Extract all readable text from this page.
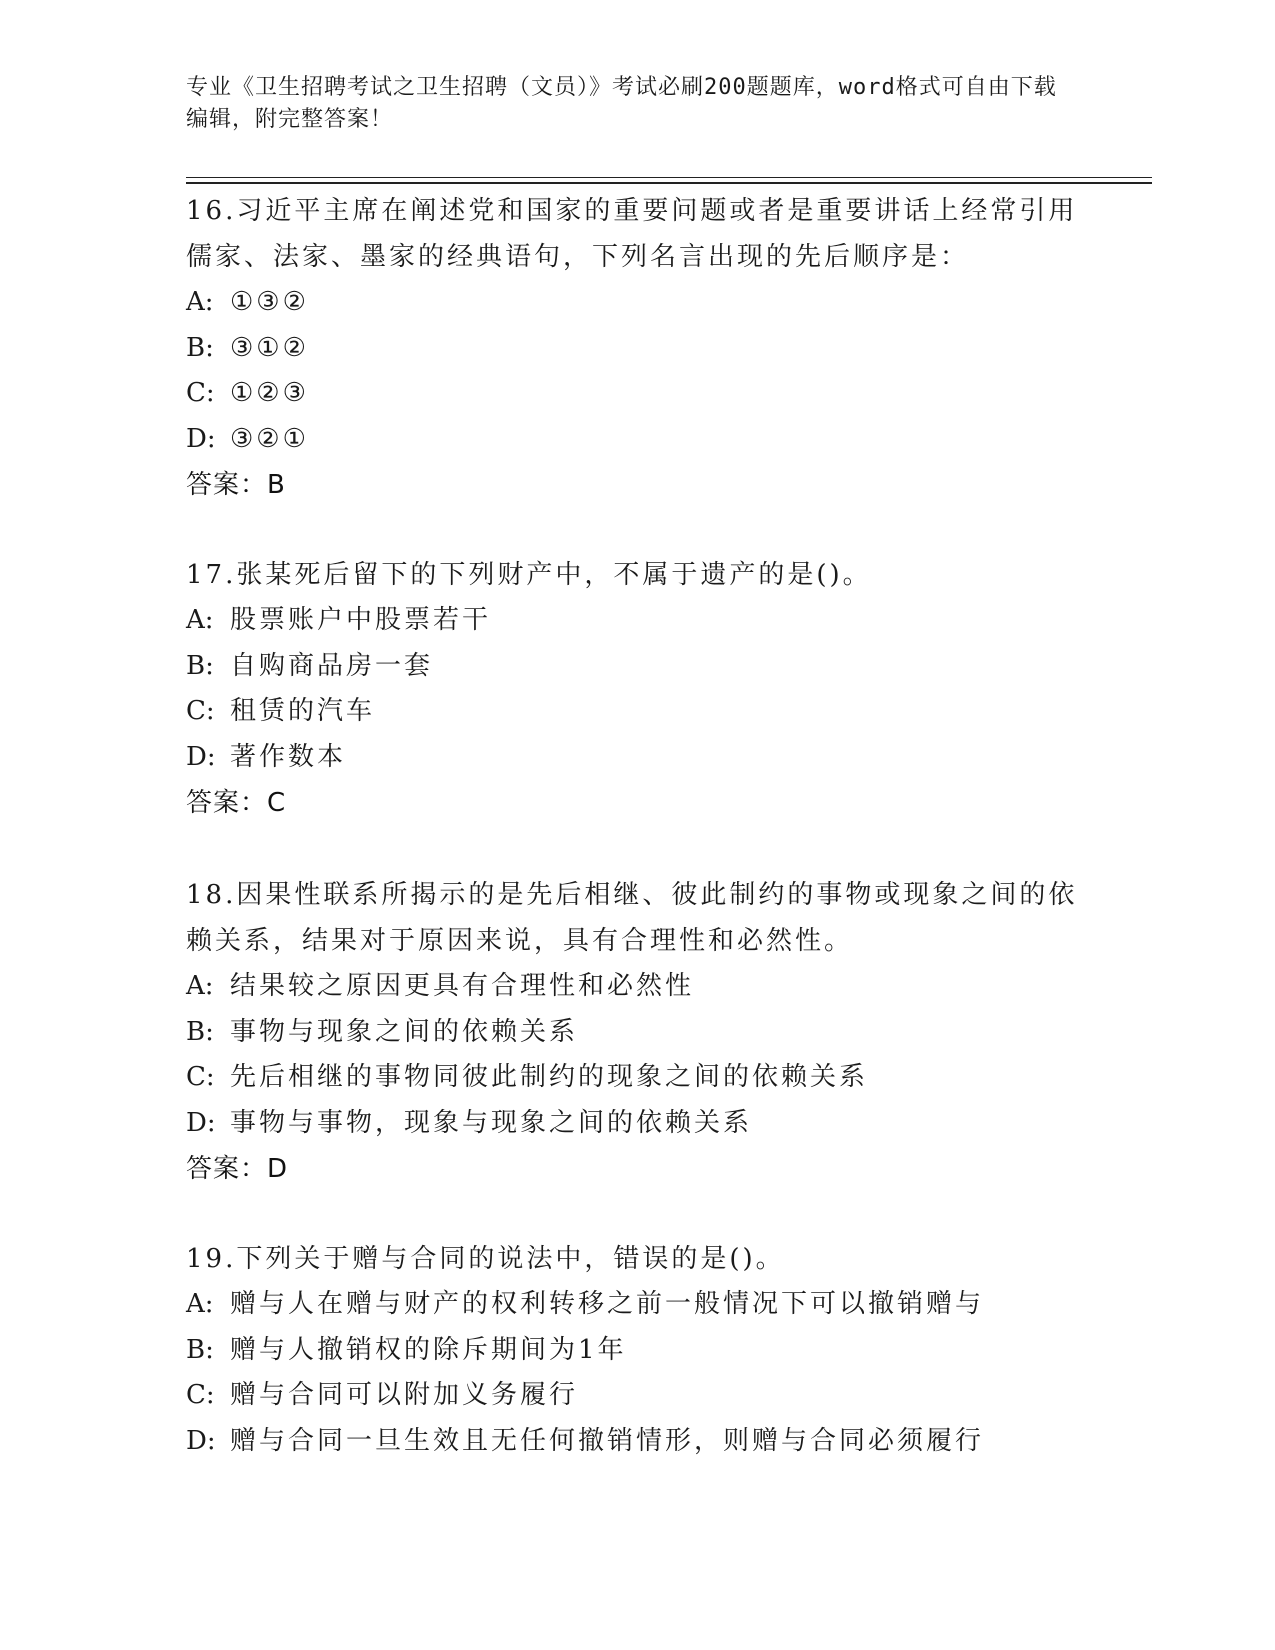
专业《卫生招聘考试之卫生招聘（文员）》考试必刷200题题库，word格式可自由下载编辑，附完整答案！

16.习近平主席在阐述党和国家的重要问题或者是重要讲话上经常引用儒家、法家、墨家的经典语句，下列名言出现的先后顺序是：

A: ①③②

B: ③①②

C: ①②③

D: ③②①

答案：B

17.张某死后留下的下列财产中，不属于遗产的是()。

A: 股票账户中股票若干

B: 自购商品房一套

C: 租赁的汽车

D: 著作数本

答案：C

18.因果性联系所揭示的是先后相继、彼此制约的事物或现象之间的依赖关系，结果对于原因来说，具有合理性和必然性。

A: 结果较之原因更具有合理性和必然性

B: 事物与现象之间的依赖关系

C: 先后相继的事物同彼此制约的现象之间的依赖关系

D: 事物与事物，现象与现象之间的依赖关系

答案：D

19.下列关于赠与合同的说法中，错误的是()。

A: 赠与人在赠与财产的权利转移之前一般情况下可以撤销赠与

B: 赠与人撤销权的除斥期间为1年

C: 赠与合同可以附加义务履行

D: 赠与合同一旦生效且无任何撤销情形，则赠与合同必须履行
